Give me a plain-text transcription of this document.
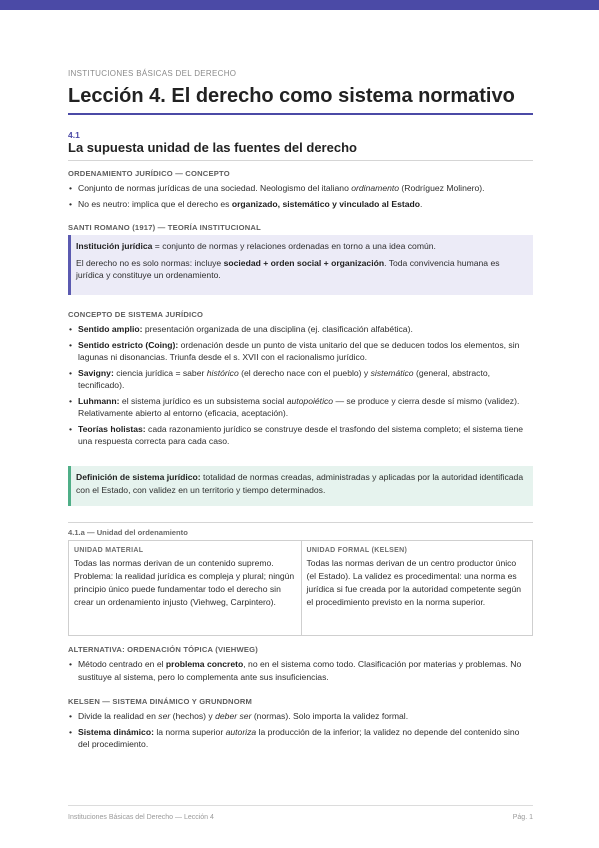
INSTITUCIONES BÁSICAS DEL DERECHO
Lección 4. El derecho como sistema normativo
4.1
La supuesta unidad de las fuentes del derecho
ORDENAMIENTO JURÍDICO — CONCEPTO
• Conjunto de normas jurídicas de una sociedad. Neologismo del italiano ordinamento (Rodríguez Molinero).
• No es neutro: implica que el derecho es organizado, sistemático y vinculado al Estado.
SANTI ROMANO (1917) — TEORÍA INSTITUCIONAL

Institución jurídica = conjunto de normas y relaciones ordenadas en torno a una idea común.

El derecho no es solo normas: incluye sociedad + orden social + organización. Toda convivencia humana es jurídica y constituye un ordenamiento.

CONCEPTO DE SISTEMA JURÍDICO
• Sentido amplio: presentación organizada de una disciplina (ej. clasificación alfabética).
• Sentido estricto (Coing): ordenación desde un punto de vista unitario del que se deducen todos los elementos, sin lagunas ni disonancias. Triunfa desde el s. XVII con el racionalismo jurídico.
• Savigny: ciencia jurídica = saber histórico (el derecho nace con el pueblo) y sistemático (general, abstracto, tecnificado).
• Luhmann: el sistema jurídico es un subsistema social autopoiético — se produce y cierra desde sí mismo (validez). Relativamente abierto al entorno (eficacia, aceptación).
• Teorías holistas: cada razonamiento jurídico se construye desde el trasfondo del sistema completo; el sistema tiene una respuesta correcta para cada caso.

Definición de sistema jurídico: totalidad de normas creadas, administradas y aplicadas por la autoridad identificada con el Estado, con validez en un territorio y tiempo determinados.

4.1.a — Unidad del ordenamiento
UNIDAD MATERIAL
Todas las normas derivan de un contenido supremo. Problema: la realidad jurídica es compleja y plural; ningún principio único puede fundamentar todo el derecho sin crear un ordenamiento injusto (Viehweg, Carpintero).
UNIDAD FORMAL (KELSEN)
Todas las normas derivan de un centro productor único (el Estado). La validez es procedimental: una norma es jurídica si fue creada por la autoridad competente según el procedimiento previsto en la norma superior.
ALTERNATIVA: ORDENACIÓN TÓPICA (VIEHWEG)
• Método centrado en el problema concreto, no en el sistema como todo. Clasificación por materias y problemas. No sustituye al sistema, pero lo complementa ante sus insuficiencias.
KELSEN — SISTEMA DINÁMICO Y GRUNDNORM
• Divide la realidad en ser (hechos) y deber ser (normas). Solo importa la validez formal.
• Sistema dinámico: la norma superior autoriza la producción de la inferior; la validez no depende del contenido sino del procedimiento.
Instituciones Básicas del Derecho — Lección 4	Pág. 1
